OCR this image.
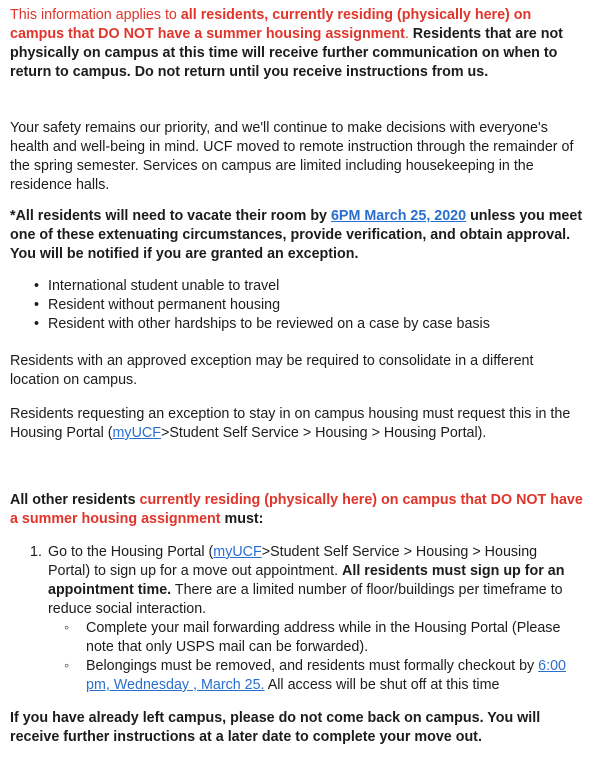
This information applies to all residents, currently residing (physically here) on campus that DO NOT have a summer housing assignment. Residents that are not physically on campus at this time will receive further communication on when to return to campus. Do not return until you receive instructions from us.

Your safety remains our priority, and we'll continue to make decisions with everyone's health and well-being in mind. UCF moved to remote instruction through the remainder of the spring semester. Services on campus are limited including housekeeping in the residence halls.

*All residents will need to vacate their room by 6PM March 25, 2020 unless you meet one of these extenuating circumstances, provide verification, and obtain approval. You will be notified if you are granted an exception.

• International student unable to travel
• Resident without permanent housing
• Resident with other hardships to be reviewed on a case by case basis

Residents with an approved exception may be required to consolidate in a different location on campus.

Residents requesting an exception to stay in on campus housing must request this in the Housing Portal (myUCF>Student Self Service > Housing > Housing Portal).

All other residents currently residing (physically here) on campus that DO NOT have a summer housing assignment must:

1. Go to the Housing Portal (myUCF>Student Self Service > Housing > Housing Portal) to sign up for a move out appointment. All residents must sign up for an appointment time. There are a limited number of floor/buildings per timeframe to reduce social interaction.
◦ Complete your mail forwarding address while in the Housing Portal (Please note that only USPS mail can be forwarded).
◦ Belongings must be removed, and residents must formally checkout by 6:00 pm, Wednesday , March 25. All access will be shut off at this time

If you have already left campus, please do not come back on campus. You will receive further instructions at a later date to complete your move out.
